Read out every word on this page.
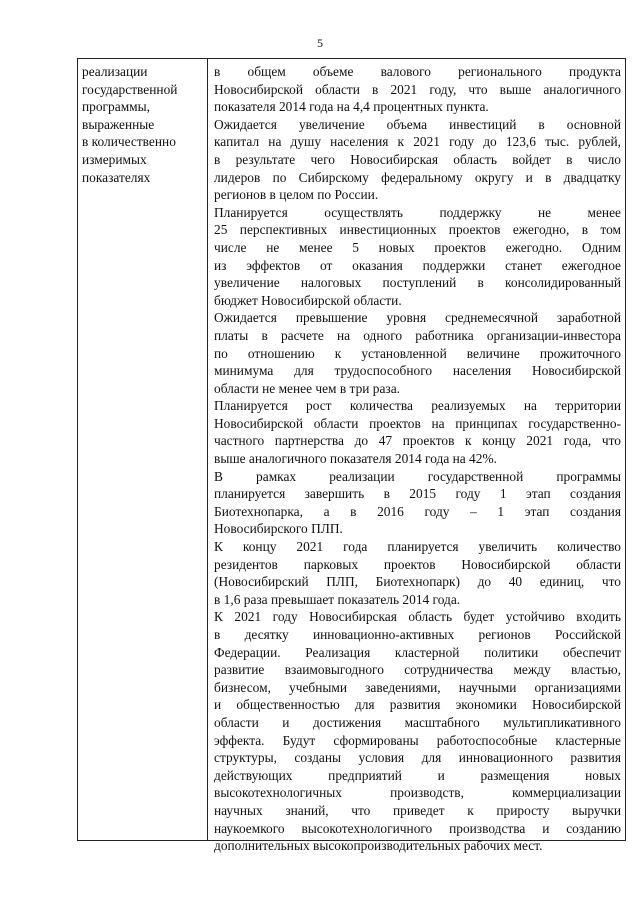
5
реализации
государственной
программы,
выраженные
в количественно
измеримых
показателях
в общем объеме валового регионального продукта
Новосибирской области в 2021 году, что выше аналогичного
показателя 2014 года на 4,4 процентных пункта.
Ожидается увеличение объема инвестиций в основной
капитал на душу населения к 2021 году до 123,6 тыс. рублей,
в результате чего Новосибирская область войдет в число
лидеров по Сибирскому федеральному округу и в двадцатку
регионов в целом по России.
Планируется осуществлять поддержку не менее
25 перспективных инвестиционных проектов ежегодно, в том
числе не менее 5 новых проектов ежегодно. Одним
из эффектов от оказания поддержки станет ежегодное
увеличение налоговых поступлений в консолидированный
бюджет Новосибирской области.
Ожидается превышение уровня среднемесячной заработной
платы в расчете на одного работника организации-инвестора
по отношению к установленной величине прожиточного
минимума для трудоспособного населения Новосибирской
области не менее чем в три раза.
Планируется рост количества реализуемых на территории
Новосибирской области проектов на принципах государственно-
частного партнерства до 47 проектов к концу 2021 года, что
выше аналогичного показателя 2014 года на 42%.
В рамках реализации государственной программы
планируется завершить в 2015 году 1 этап создания
Биотехнопарка, а в 2016 году – 1 этап создания
Новосибирского ПЛП.
К концу 2021 года планируется увеличить количество
резидентов парковых проектов Новосибирской области
(Новосибирский ПЛП, Биотехнопарк) до 40 единиц, что
в 1,6 раза превышает показатель 2014 года.
К 2021 году Новосибирская область будет устойчиво входить
в десятку инновационно-активных регионов Российской
Федерации. Реализация кластерной политики обеспечит
развитие взаимовыгодного сотрудничества между властью,
бизнесом, учебными заведениями, научными организациями
и общественностью для развития экономики Новосибирской
области и достижения масштабного мультипликативного
эффекта. Будут сформированы работоспособные кластерные
структуры, созданы условия для инновационного развития
действующих предприятий и размещения новых
высокотехнологичных производств, коммерциализации
научных знаний, что приведет к приросту выручки
наукоемкого высокотехнологичного производства и созданию
дополнительных высокопроизводительных рабочих мест.
